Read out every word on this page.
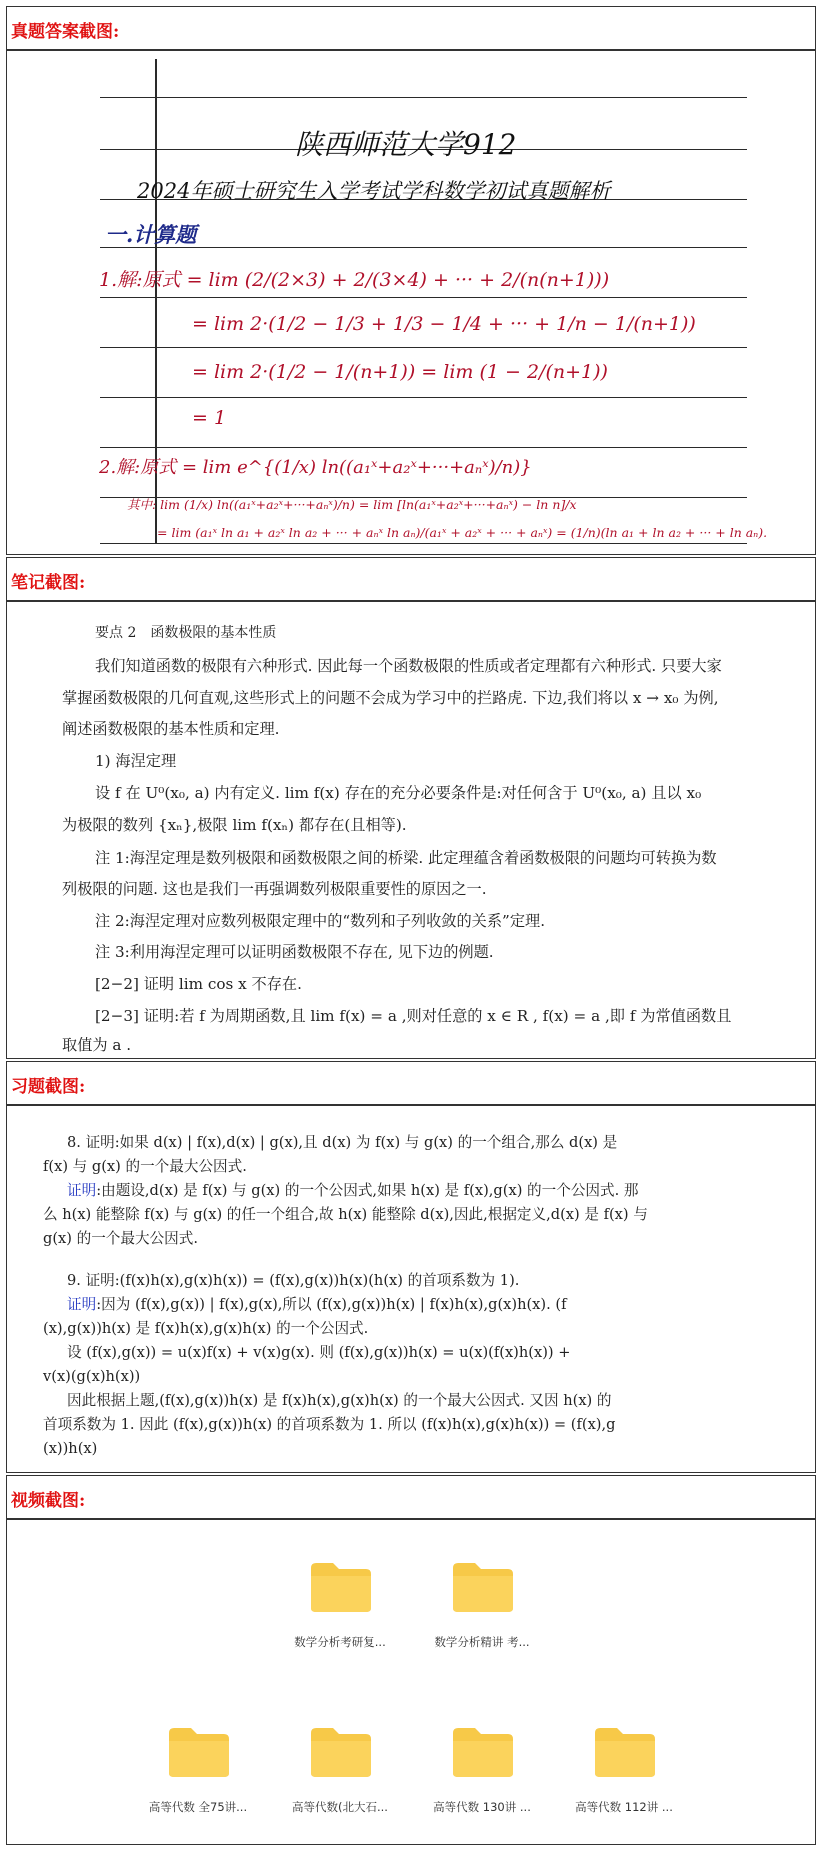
真题答案截图:
陕西师范大学912
2024年硕士研究生入学考试学科数学初试真题解析
一.计算题
1.解:原式 = lim (2/(2×3) + 2/(3×4) + ··· + 2/(n(n+1)))
= lim 2·(1/2 − 1/3 + 1/3 − 1/4 + ··· + 1/n − 1/(n+1))
= lim 2·(1/2 − 1/(n+1)) = lim (1 − 2/(n+1))
= 1
2.解:原式 = lim e^{(1/x) ln((a₁ˣ+a₂ˣ+···+aₙˣ)/n)}
其中: lim (1/x) ln((a₁ˣ+a₂ˣ+···+aₙˣ)/n) = lim [ln(a₁ˣ+a₂ˣ+···+aₙˣ) − ln n]/x
= lim (a₁ˣ ln a₁ + a₂ˣ ln a₂ + ··· + aₙˣ ln aₙ)/(a₁ˣ + a₂ˣ + ··· + aₙˣ) = (1/n)(ln a₁ + ln a₂ + ··· + ln aₙ).
笔记截图:

要点 2　函数极限的基本性质

我们知道函数的极限有六种形式. 因此每一个函数极限的性质或者定理都有六种形式. 只要大家

掌握函数极限的几何直观,这些形式上的问题不会成为学习中的拦路虎. 下边,我们将以 x → x₀ 为例,

阐述函数极限的基本性质和定理.

1) 海涅定理

设 f 在 U⁰(x₀, a) 内有定义. lim f(x) 存在的充分必要条件是:对任何含于 U⁰(x₀, a) 且以 x₀

为极限的数列 {xₙ},极限 lim f(xₙ) 都存在(且相等).

注 1:海涅定理是数列极限和函数极限之间的桥梁. 此定理蕴含着函数极限的问题均可转换为数

列极限的问题. 这也是我们一再强调数列极限重要性的原因之一.

注 2:海涅定理对应数列极限定理中的“数列和子列收敛的关系”定理.

注 3:利用海涅定理可以证明函数极限不存在, 见下边的例题.

[2−2] 证明 lim cos x 不存在.

[2−3] 证明:若 f 为周期函数,且 lim f(x) = a ,则对任意的 x ∈ R , f(x) = a ,即 f 为常值函数且

取值为 a .

习题截图:

8. 证明:如果 d(x) | f(x),d(x) | g(x),且 d(x) 为 f(x) 与 g(x) 的一个组合,那么 d(x) 是

f(x) 与 g(x) 的一个最大公因式.

证明:由题设,d(x) 是 f(x) 与 g(x) 的一个公因式,如果 h(x) 是 f(x),g(x) 的一个公因式. 那

么 h(x) 能整除 f(x) 与 g(x) 的任一个组合,故 h(x) 能整除 d(x),因此,根据定义,d(x) 是 f(x) 与

g(x) 的一个最大公因式.

9. 证明:(f(x)h(x),g(x)h(x)) = (f(x),g(x))h(x)(h(x) 的首项系数为 1).

证明:因为 (f(x),g(x)) | f(x),g(x),所以 (f(x),g(x))h(x) | f(x)h(x),g(x)h(x). (f

(x),g(x))h(x) 是 f(x)h(x),g(x)h(x) 的一个公因式.

设 (f(x),g(x)) = u(x)f(x) + v(x)g(x). 则 (f(x),g(x))h(x) = u(x)(f(x)h(x)) +

v(x)(g(x)h(x))

因此根据上题,(f(x),g(x))h(x) 是 f(x)h(x),g(x)h(x) 的一个最大公因式. 又因 h(x) 的

首项系数为 1. 因此 (f(x),g(x))h(x) 的首项系数为 1. 所以 (f(x)h(x),g(x)h(x)) = (f(x),g

(x))h(x)

视频截图:
数学分析考研复...	数学分析精讲 考...
高等代数 全75讲...	高等代数(北大石...	高等代数 130讲 ...	高等代数 112讲 ...
